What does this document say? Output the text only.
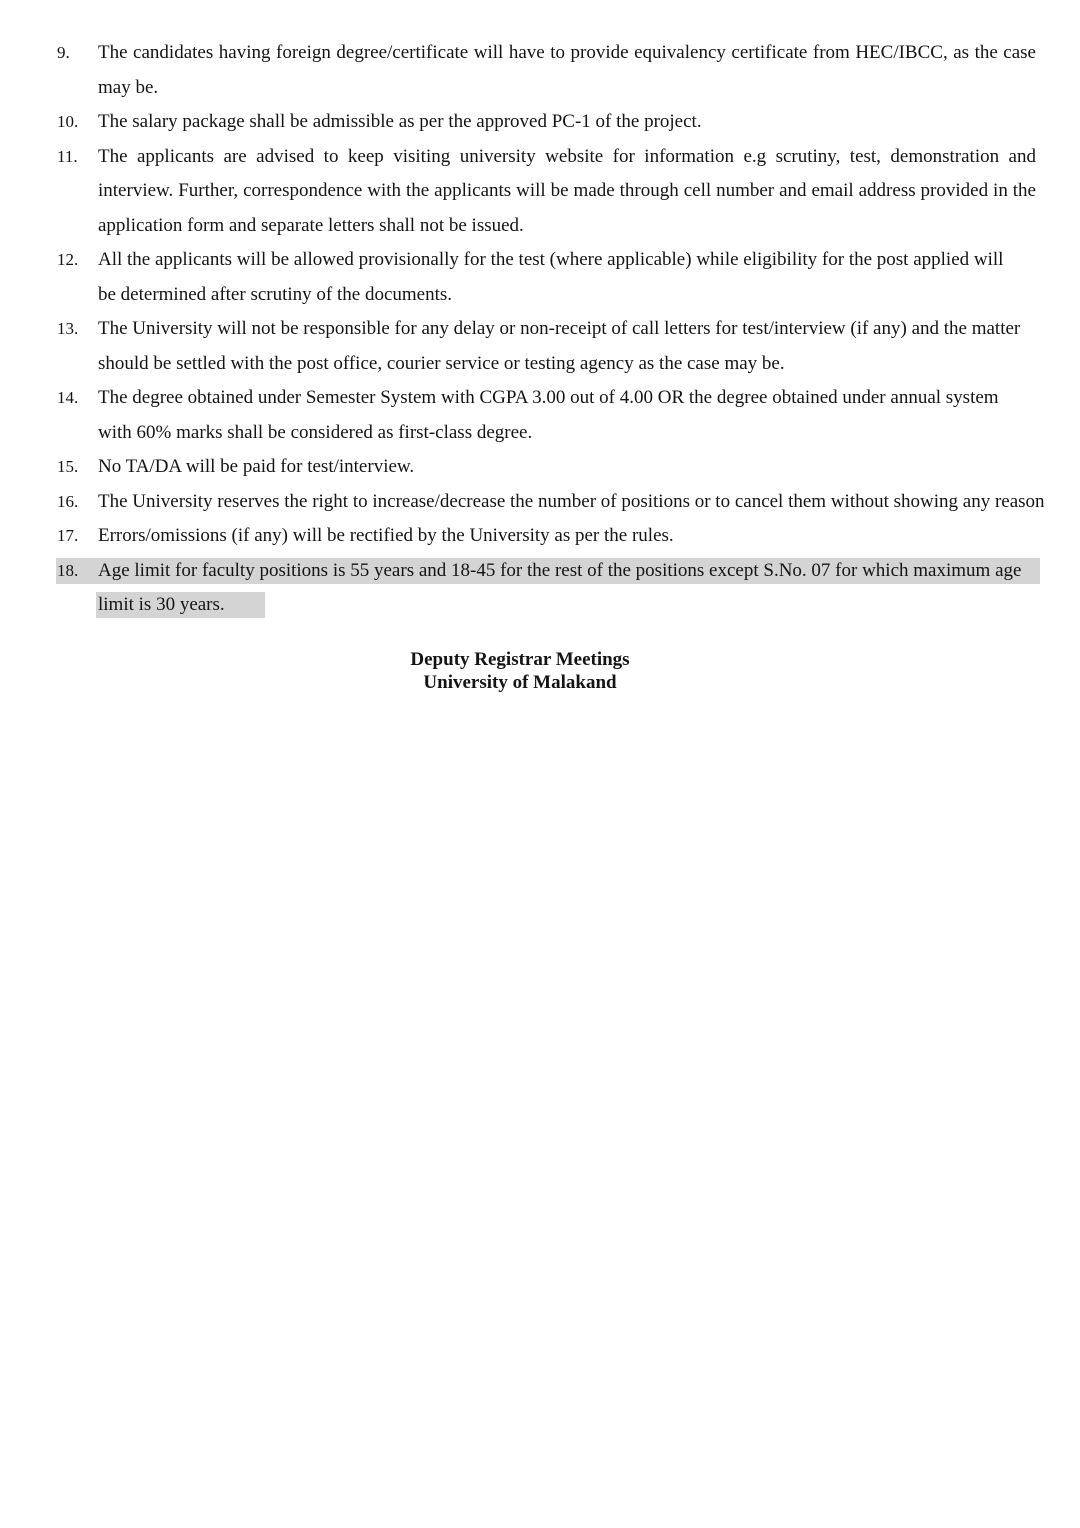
9. The candidates having foreign degree/certificate will have to provide equivalency certificate from HEC/IBCC, as the case may be.
10. The salary package shall be admissible as per the approved PC-1 of the project.
11. The applicants are advised to keep visiting university website for information e.g scrutiny, test, demonstration and interview. Further, correspondence with the applicants will be made through cell number and email address provided in the application form and separate letters shall not be issued.
12. All the applicants will be allowed provisionally for the test (where applicable) while eligibility for the post applied will be determined after scrutiny of the documents.
13. The University will not be responsible for any delay or non-receipt of call letters for test/interview (if any) and the matter should be settled with the post office, courier service or testing agency as the case may be.
14. The degree obtained under Semester System with CGPA 3.00 out of 4.00 OR the degree obtained under annual system with 60% marks shall be considered as first-class degree.
15. No TA/DA will be paid for test/interview.
16. The University reserves the right to increase/decrease the number of positions or to cancel them without showing any reason
17. Errors/omissions (if any) will be rectified by the University as per the rules.
18. Age limit for faculty positions is 55 years and 18-45 for the rest of the positions except S.No. 07 for which maximum age limit is 30 years.
Deputy Registrar Meetings
University of Malakand
